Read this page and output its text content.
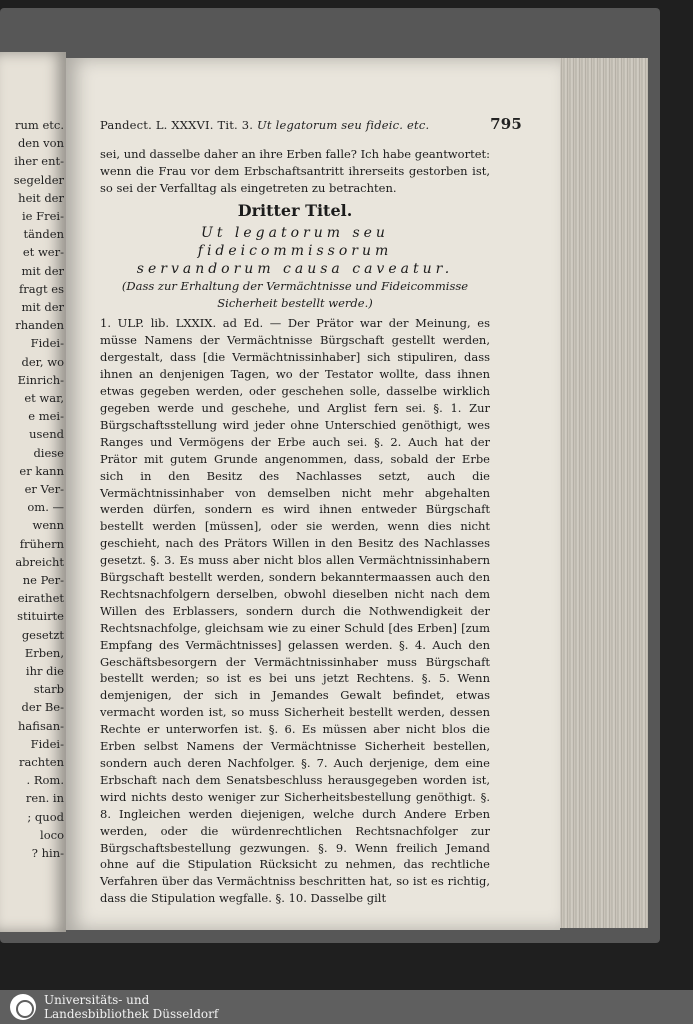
rum etc.
den von
iher ent-
segelder
heit der
ie Frei-
tänden
et wer-
mit der
fragt es
mit der
rhanden
Fidei-
der, wo
Einrich-
et war,
e mei-
usend
diese
er kann
er Ver-
om. —
wenn
frühern
abreicht
ne Per-
eirathet
stituirte
gesetzt
Erben,
ihr die
starb
der Be-
hafisan-
Fidei-
rachten
. Rom.
ren. in
; quod
loco
? hin-
Pandect. L. XXXVI. Tit. 3. Ut legatorum seu fideic. etc.	795

sei, und dasselbe daher an ihre Erben falle? Ich habe geantwortet: wenn die Frau vor dem Erbschaftsantritt ihrerseits gestorben ist, so sei der Verfalltag als eingetreten zu betrachten.

Dritter Titel.
Ut legatorum seu fideicommissorum
servandorum causa caveatur.
(Dass zur Erhaltung der Vermächtnisse und Fideicommisse Sicherheit bestellt werde.)

1. ULP. lib. LXXIX. ad Ed. — Der Prätor war der Meinung, es müsse Namens der Vermächtnisse Bürgschaft gestellt werden, dergestalt, dass [die Vermächtnissinhaber] sich stipuliren, dass ihnen an denjenigen Tagen, wo der Testator wollte, dass ihnen etwas gegeben werden, oder geschehen solle, dasselbe wirklich gegeben werde und geschehe, und Arglist fern sei. §. 1. Zur Bürgschaftsstellung wird jeder ohne Unterschied genöthigt, wes Ranges und Vermögens der Erbe auch sei. §. 2. Auch hat der Prätor mit gutem Grunde angenommen, dass, sobald der Erbe sich in den Besitz des Nachlasses setzt, auch die Vermächtnissinhaber von demselben nicht mehr abgehalten werden dürfen, sondern es wird ihnen entweder Bürgschaft bestellt werden [müssen], oder sie werden, wenn dies nicht geschieht, nach des Prätors Willen in den Besitz des Nachlasses gesetzt. §. 3. Es muss aber nicht blos allen Vermächtnissinhabern Bürgschaft bestellt werden, sondern bekanntermaassen auch den Rechtsnachfolgern derselben, obwohl dieselben nicht nach dem Willen des Erblassers, sondern durch die Nothwendigkeit der Rechtsnachfolge, gleichsam wie zu einer Schuld [des Erben] [zum Empfang des Vermächtnisses] gelassen werden. §. 4. Auch den Geschäftsbesorgern der Vermächtnissinhaber muss Bürgschaft bestellt werden; so ist es bei uns jetzt Rechtens. §. 5. Wenn demjenigen, der sich in Jemandes Gewalt befindet, etwas vermacht worden ist, so muss Sicherheit bestellt werden, dessen Rechte er unterworfen ist. §. 6. Es müssen aber nicht blos die Erben selbst Namens der Vermächtnisse Sicherheit bestellen, sondern auch deren Nachfolger. §. 7. Auch derjenige, dem eine Erbschaft nach dem Senatsbeschluss herausgegeben worden ist, wird nichts desto weniger zur Sicherheitsbestellung genöthigt. §. 8. Ingleichen werden diejenigen, welche durch Andere Erben werden, oder die würdenrechtlichen Rechtsnachfolger zur Bürgschaftsbestellung gezwungen. §. 9. Wenn freilich Jemand ohne auf die Stipulation Rücksicht zu nehmen, das rechtliche Verfahren über das Vermächtniss beschritten hat, so ist es richtig, dass die Stipulation wegfalle. §. 10. Dasselbe gilt

Universitäts- und
Landesbibliothek Düsseldorf
